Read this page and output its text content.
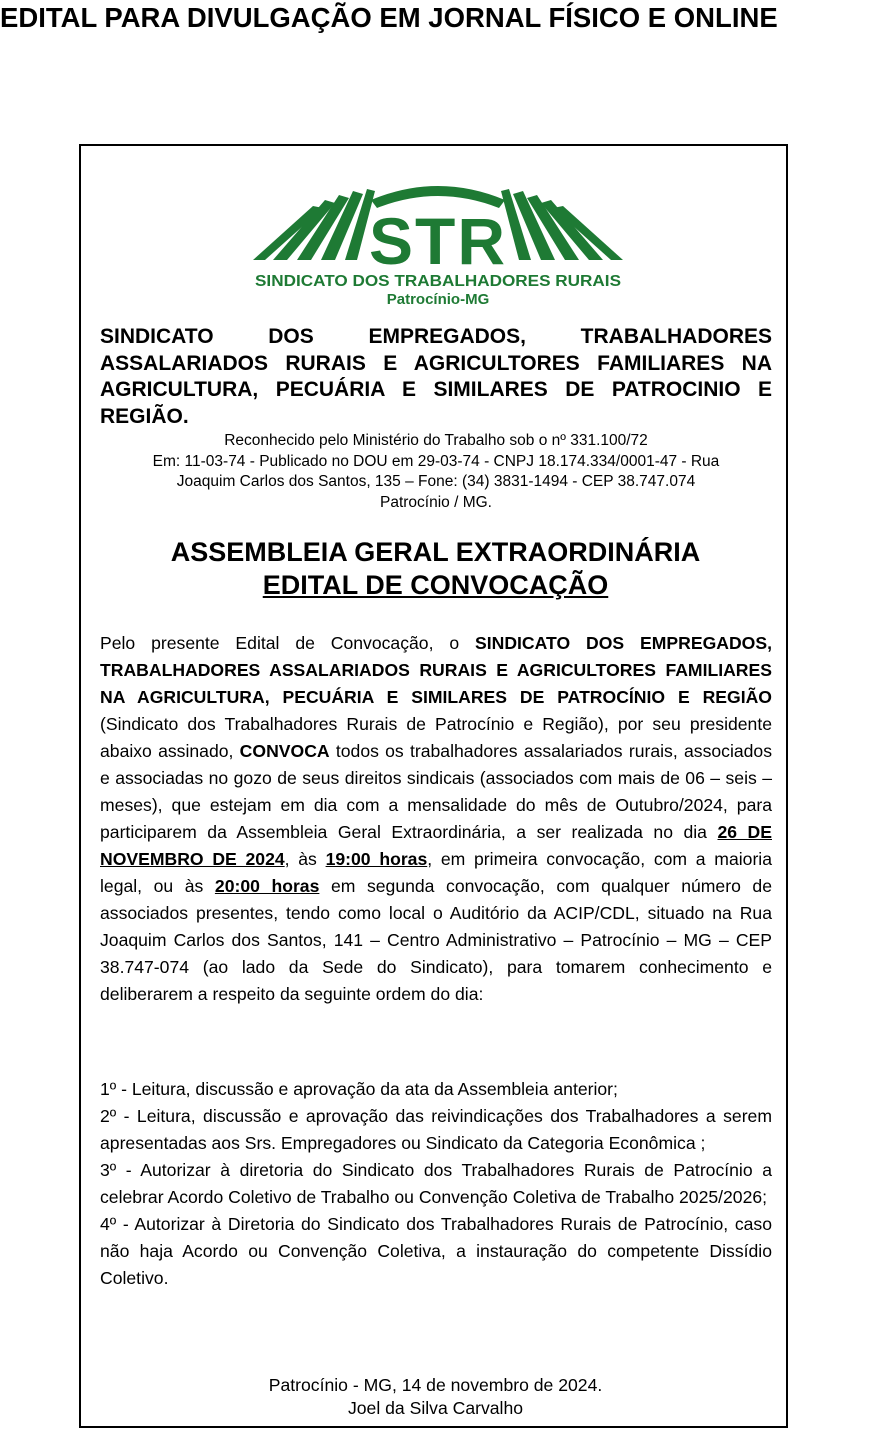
EDITAL PARA DIVULGAÇÃO EM JORNAL FÍSICO E ONLINE
STR
SINDICATO DOS TRABALHADORES RURAIS
Patrocínio-MG

SINDICATO DOS EMPREGADOS, TRABALHADORES ASSALARIADOS RURAIS E AGRICULTORES FAMILIARES NA AGRICULTURA, PECUÁRIA E SIMILARES DE PATROCINIO E REGIÃO.

Reconhecido pelo Ministério do Trabalho sob o nº 331.100/72
Em: 11-03-74 - Publicado no DOU em 29-03-74 - CNPJ 18.174.334/0001-47 - Rua
Joaquim Carlos dos Santos, 135 – Fone: (34) 3831-1494 - CEP 38.747.074
Patrocínio / MG.

ASSEMBLEIA GERAL EXTRAORDINÁRIA
EDITAL DE CONVOCAÇÃO

Pelo presente Edital de Convocação, o SINDICATO DOS EMPREGADOS, TRABALHADORES ASSALARIADOS RURAIS E AGRICULTORES FAMILIARES NA AGRICULTURA, PECUÁRIA E SIMILARES DE PATROCÍNIO E REGIÃO (Sindicato dos Trabalhadores Rurais de Patrocínio e Região), por seu presidente abaixo assinado, CONVOCA todos os trabalhadores assalariados rurais, associados e associadas no gozo de seus direitos sindicais (associados com mais de 06 – seis – meses), que estejam em dia com a mensalidade do mês de Outubro/2024, para participarem da Assembleia Geral Extraordinária, a ser realizada no dia 26 DE NOVEMBRO DE 2024, às 19:00 horas, em primeira convocação, com a maioria legal, ou às 20:00 horas em segunda convocação, com qualquer número de associados presentes, tendo como local o Auditório da ACIP/CDL, situado na Rua Joaquim Carlos dos Santos, 141 – Centro Administrativo – Patrocínio – MG – CEP 38.747-074 (ao lado da Sede do Sindicato), para tomarem conhecimento e deliberarem a respeito da seguinte ordem do dia:

1º - Leitura, discussão e aprovação da ata da Assembleia anterior;
2º - Leitura, discussão e aprovação das reivindicações dos Trabalhadores a serem apresentadas aos Srs. Empregadores ou Sindicato da Categoria Econômica ;
3º - Autorizar à diretoria do Sindicato dos Trabalhadores Rurais de Patrocínio a celebrar Acordo Coletivo de Trabalho ou Convenção Coletiva de Trabalho 2025/2026;
4º - Autorizar à Diretoria do Sindicato dos Trabalhadores Rurais de Patrocínio, caso não haja Acordo ou Convenção Coletiva, a instauração do competente Dissídio Coletivo.

Patrocínio - MG, 14 de novembro de 2024.
Joel da Silva Carvalho
